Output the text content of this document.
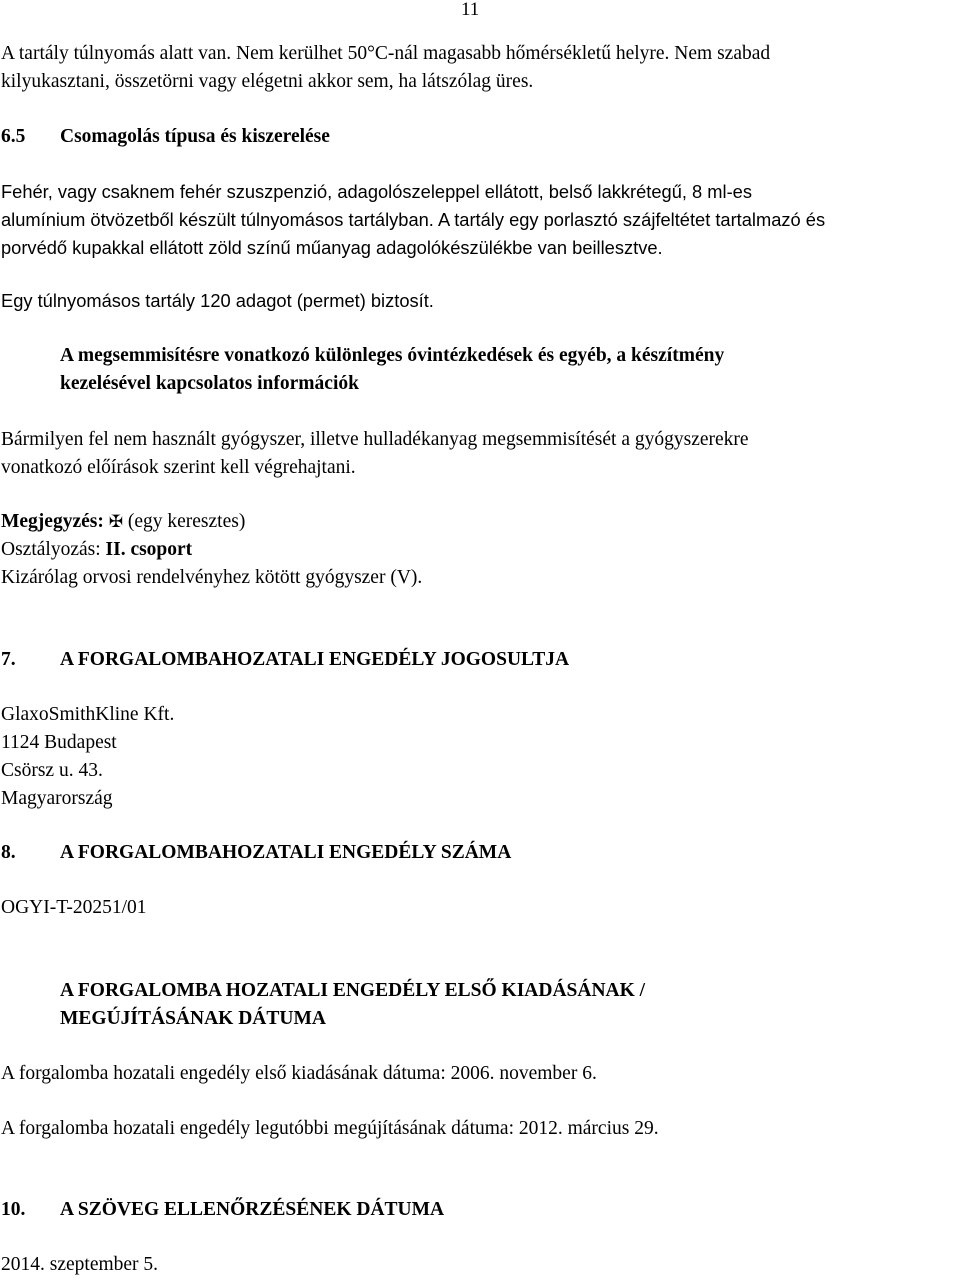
11

A tartály túlnyomás alatt van. Nem kerülhet 50°C-nál magasabb hőmérsékletű helyre. Nem szabad
kilyukasztani, összetörni vagy elégetni akkor sem, ha látszólag üres.

6.5 Csomagolás típusa és kiszerelése

Fehér, vagy csaknem fehér szuszpenzió, adagolószeleppel ellátott, belső lakkrétegű, 8 ml-es
alumínium ötvözetből készült túlnyomásos tartályban. A tartály egy porlasztó szájfeltétet tartalmazó és
porvédő kupakkal ellátott zöld színű műanyag adagolókészülékbe van beillesztve.

Egy túlnyomásos tartály 120 adagot (permet) biztosít.

A megsemmisítésre vonatkozó különleges óvintézkedések és egyéb, a készítmény
kezelésével kapcsolatos információk

Bármilyen fel nem használt gyógyszer, illetve hulladékanyag megsemmisítését a gyógyszerekre
vonatkozó előírások szerint kell végrehajtani.

Megjegyzés: ✠ (egy keresztes)
Osztályozás: II. csoport
Kizárólag orvosi rendelvényhez kötött gyógyszer (V).

7. A FORGALOMBAHOZATALI ENGEDÉLY JOGOSULTJA

GlaxoSmithKline Kft.
1124 Budapest
Csörsz u. 43.
Magyarország

8. A FORGALOMBAHOZATALI ENGEDÉLY SZÁMA

OGYI-T-20251/01

A FORGALOMBA HOZATALI ENGEDÉLY ELSŐ KIADÁSÁNAK /
MEGÚJÍTÁSÁNAK DÁTUMA

A forgalomba hozatali engedély első kiadásának dátuma: 2006. november 6.

A forgalomba hozatali engedély legutóbbi megújításának dátuma: 2012. március 29.

10. A SZÖVEG ELLENŐRZÉSÉNEK DÁTUMA

2014. szeptember 5.
